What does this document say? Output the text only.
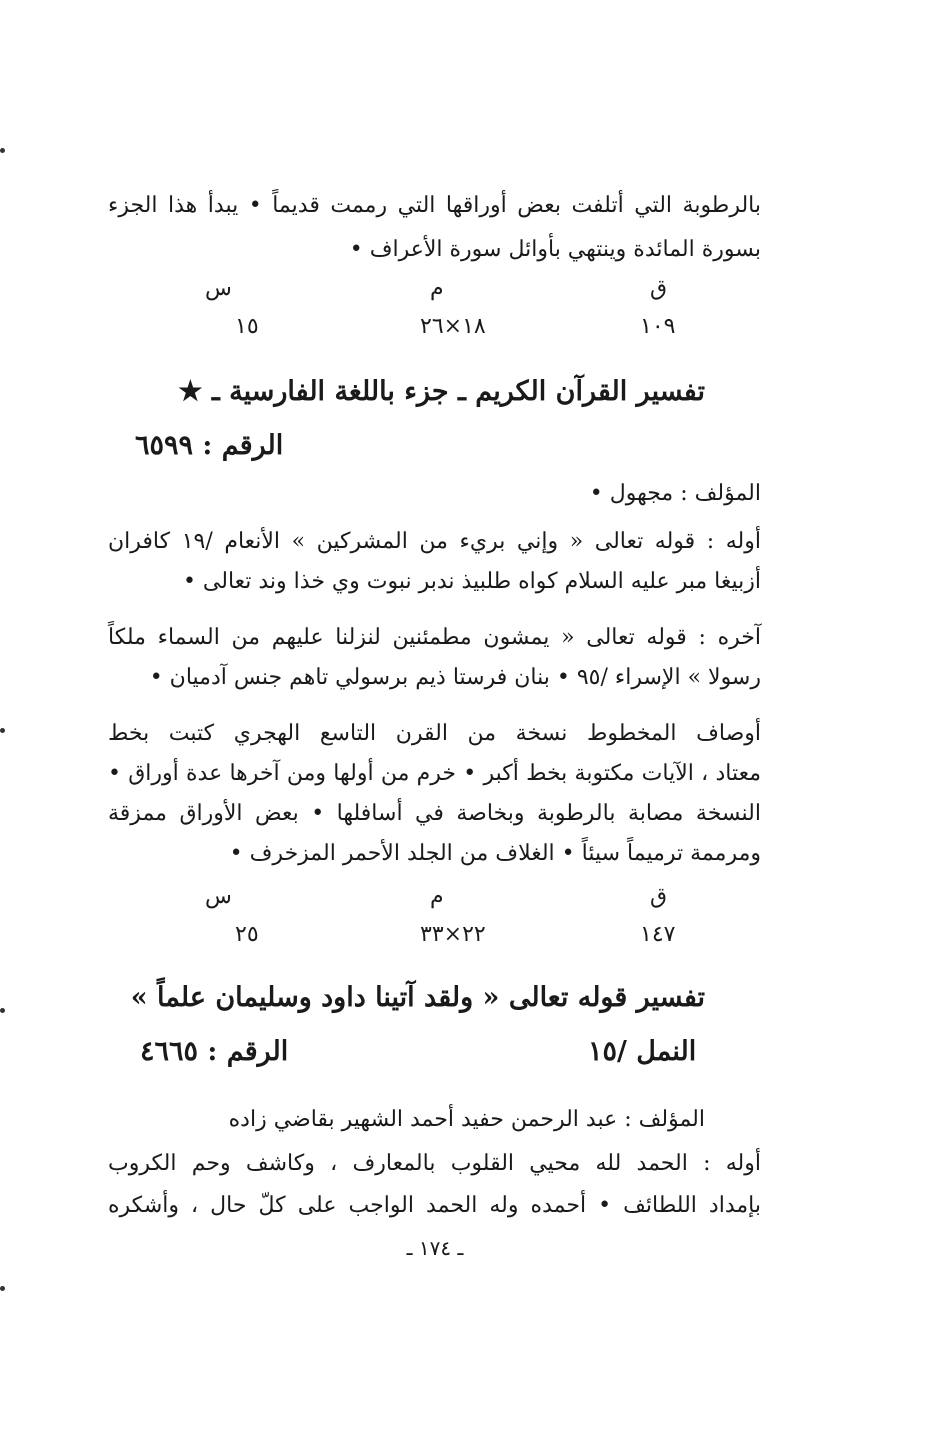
بالرطوبة التي أتلفت بعض أوراقها التي رممت قديماً • يبدأ هذا الجزء
بسورة المائدة وينتهي بأوائل سورة الأعراف •
ق
م
س
١٠٩
١٨×٢٦
١٥
تفسير القرآن الكريم ـ جزء باللغة الفارسية ـ ★
الرقم : ٦٥٩٩
المؤلف : مجهول •
أوله : قوله تعالى « وإني بريء من المشركين » الأنعام /١٩ كافران
أزبيغا مبر عليه السلام كواه طلبيذ ندبر نبوت وي خذا وند تعالى •
آخره : قوله تعالى « يمشون مطمئنين لنزلنا عليهم من السماء ملكاً
رسولا » الإسراء /٩٥ • بنان فرستا ذيم برسولي تاهم جنس آدميان •
أوصاف المخطوط نسخة من القرن التاسع الهجري كتبت بخط
معتاد ، الآيات مكتوبة بخط أكبر • خرم من أولها ومن آخرها عدة أوراق •
النسخة مصابة بالرطوبة وبخاصة في أسافلها • بعض الأوراق ممزقة
ومرممة ترميماً سيئاً • الغلاف من الجلد الأحمر المزخرف •
ق
م
س
١٤٧
٢٢×٣٣
٢٥
تفسير قوله تعالى « ولقد آتينا داود وسليمان علماً »
النمل /١٥
الرقم : ٤٦٦٥
المؤلف : عبد الرحمن حفيد أحمد الشهير بقاضي زاده
أوله : الحمد لله محيي القلوب بالمعارف ، وكاشف وحم الكروب
بإمداد اللطائف • أحمده وله الحمد الواجب على كلّ حال ، وأشكره
ـ ١٧٤ ـ
